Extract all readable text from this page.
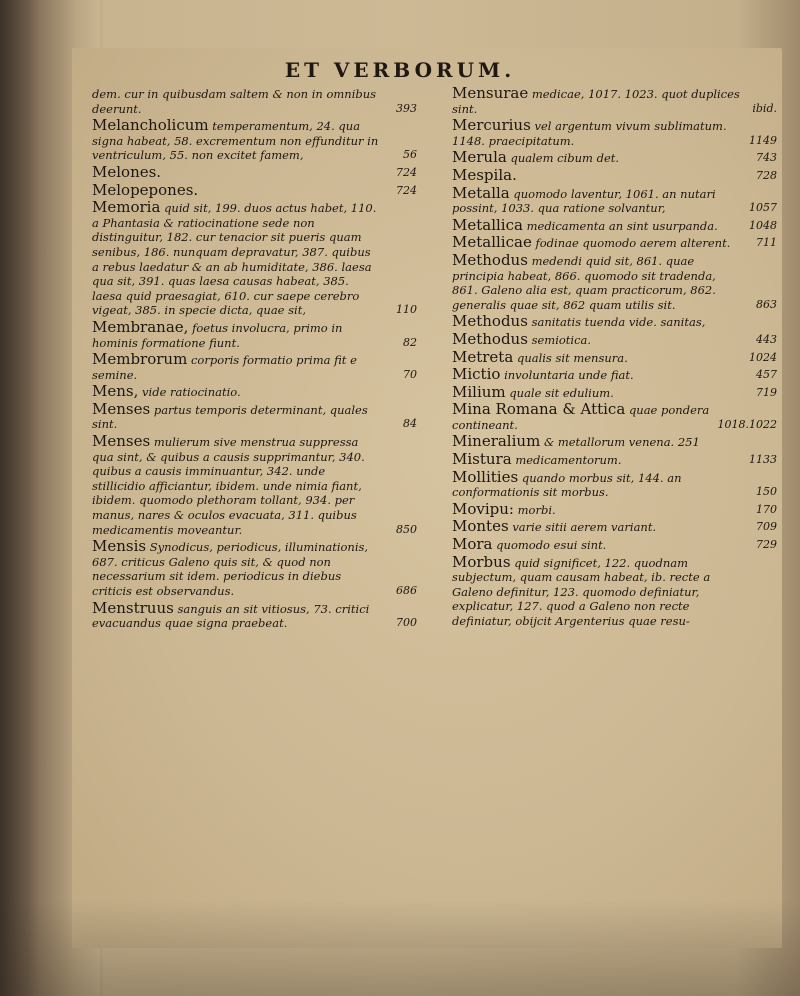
ET VERBORUM.
dem. cur in quibusdam saltem & non in omnibus deerunt.	393
Melancholicum temperamentum, 24. qua signa habeat, 58. excrementum non effunditur in ventriculum, 55. non excitet famem,	56
Melones.	724
Melopepones.	724
Memoria quid sit, 199. duos actus habet, 110. a Phantasia & ratiocinatione sede non distinguitur, 182. cur tenacior sit pueris quam senibus, 186. nunquam depravatur, 387. quibus a rebus laedatur & an ab humiditate, 386. laesa qua sit, 391. quas laesa causas habeat, 385. laesa quid praesagiat, 610. cur saepe cerebro vigeat, 385. in specie dicta, quae sit,	110
Membranae, foetus involucra, primo in hominis formatione fiunt.	82
Membrorum corporis formatio prima fit e semine.	70
Mens, vide ratiocinatio.
Menses partus temporis determinant, quales sint.	84
Menses mulierum sive menstrua suppressa qua sint, & quibus a causis supprimantur, 340. quibus a causis imminuantur, 342. unde stillicidio afficiantur, ibidem. unde nimia fiant, ibidem. quomodo plethoram tollant, 934. per manus, nares & oculos evacuata, 311. quibus medicamentis moveantur.	850
Mensis Synodicus, periodicus, illuminationis, 687. criticus Galeno quis sit, & quod non necessarium sit idem. periodicus in diebus criticis est observandus.	686
Menstruus sanguis an sit vitiosus, 73. critici evacuandus quae signa praebeat.	700
Mensurae medicae, 1017. 1023. quot duplices sint.	ibid.
Mercurius vel argentum vivum sublimatum. 1148. praecipitatum.	1149
Merula qualem cibum det.	743
Mespila.	728
Metalla quomodo laventur, 1061. an nutari possint, 1033. qua ratione solvantur,	1057
Metallica medicamenta an sint usurpanda.	1048
Metallicae fodinae quomodo aerem alterent. 711
Methodus medendi quid sit, 861. quae principia habeat, 866. quomodo sit tradenda, 861. Galeno alia est, quam practicorum, 862. generalis quae sit, 862 quam utilis sit.	863
Methodus sanitatis tuenda vide. sanitas,
Methodus semiotica.	443
Metreta qualis sit mensura.	1024
Mictio involuntaria unde fiat.	457
Milium quale sit edulium.	719
Mina Romana & Attica quae pondera contineant.	1018.1022
Mineralium & metallorum venena. 251
Mistura medicamentorum.	1133
Mollities quando morbus sit, 144. an conformationis sit morbus.	150
Movipu: morbi.	170
Montes varie sitii aerem variant.	709
Mora quomodo esui sint.	729
Morbus quid significet, 122. quodnam subjectum, quam causam habeat, ib. recte a Galeno definitur, 123. quomodo definiatur, explicatur, 127. quod a Galeno non recte definiatur, obijcit Argenterius quae resu-
